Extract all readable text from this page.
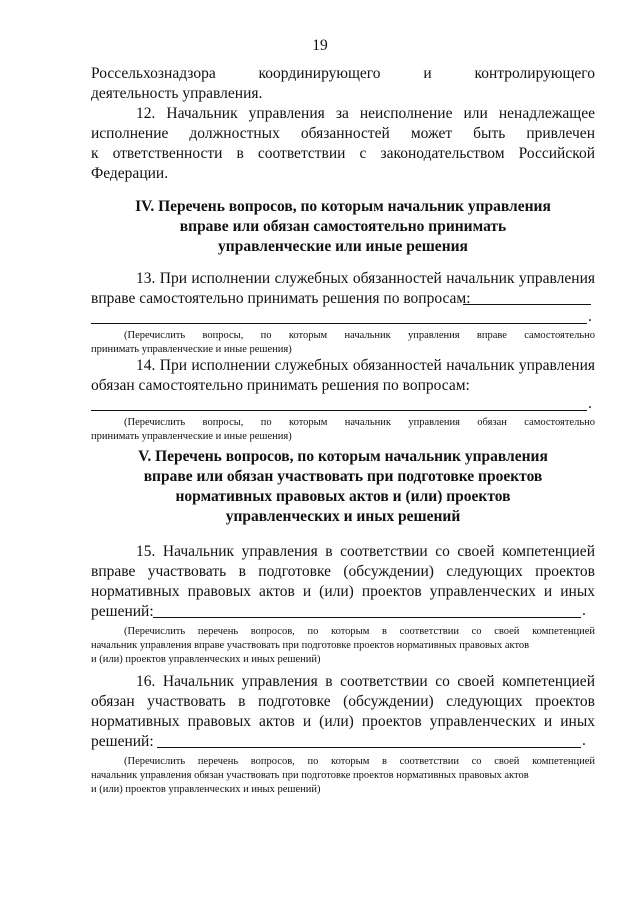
19
Россельхознадзора координирующего и контролирующего
деятельность управления.
12. Начальник управления за неисполнение или ненадлежащее
исполнение должностных обязанностей может быть привлечен
к ответственности в соответствии с законодательством Российской
Федерации.
IV. Перечень вопросов, по которым начальник управления
вправе или обязан самостоятельно принимать
управленческие или иные решения
13. При исполнении служебных обязанностей начальник управления
вправе самостоятельно принимать решения по вопросам:
.
(Перечислить вопросы, по которым начальник управления вправе самостоятельно
принимать управленческие и иные решения)
14. При исполнении служебных обязанностей начальник управления
обязан самостоятельно принимать решения по вопросам:
.
(Перечислить вопросы, по которым начальник управления обязан самостоятельно
принимать управленческие и иные решения)
V. Перечень вопросов, по которым начальник управления
вправе или обязан участвовать при подготовке проектов
нормативных правовых актов и (или) проектов
управленческих и иных решений
15. Начальник управления в соответствии со своей компетенцией
вправе участвовать в подготовке (обсуждении) следующих проектов
нормативных правовых актов и (или) проектов управленческих и иных
решений:	.
(Перечислить перечень вопросов, по которым в соответствии со своей компетенцией
начальник управления вправе участвовать при подготовке проектов нормативных правовых актов
и (или) проектов управленческих и иных решений)
16. Начальник управления в соответствии со своей компетенцией
обязан участвовать в подготовке (обсуждении) следующих проектов
нормативных правовых актов и (или) проектов управленческих и иных
решений:	.
(Перечислить перечень вопросов, по которым в соответствии со своей компетенцией
начальник управления обязан участвовать при подготовке проектов нормативных правовых актов
и (или) проектов управленческих и иных решений)
